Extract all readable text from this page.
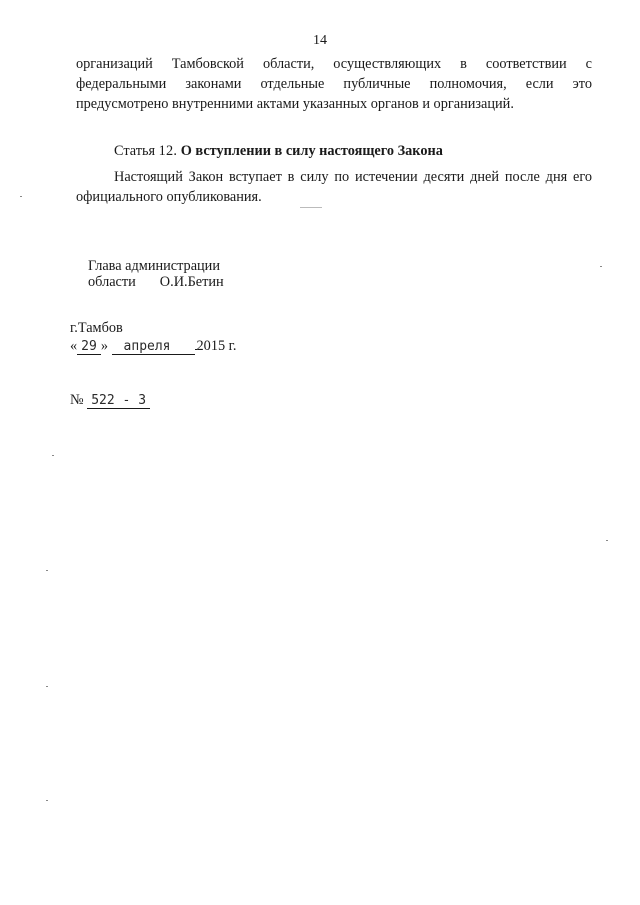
14
организаций Тамбовской области, осуществляющих в соответствии с
федеральными законами отдельные публичные полномочия, если это
предусмотрено внутренними актами указанных органов и организаций.
Статья 12. О вступлении в силу настоящего Закона
Настоящий Закон вступает в силу по истечении десяти дней после дня его
официального опубликования.
Глава администрации
области О.И.Бетин
г.Тамбов
« 29 » апреля 2015 г.
№ 522 - З
